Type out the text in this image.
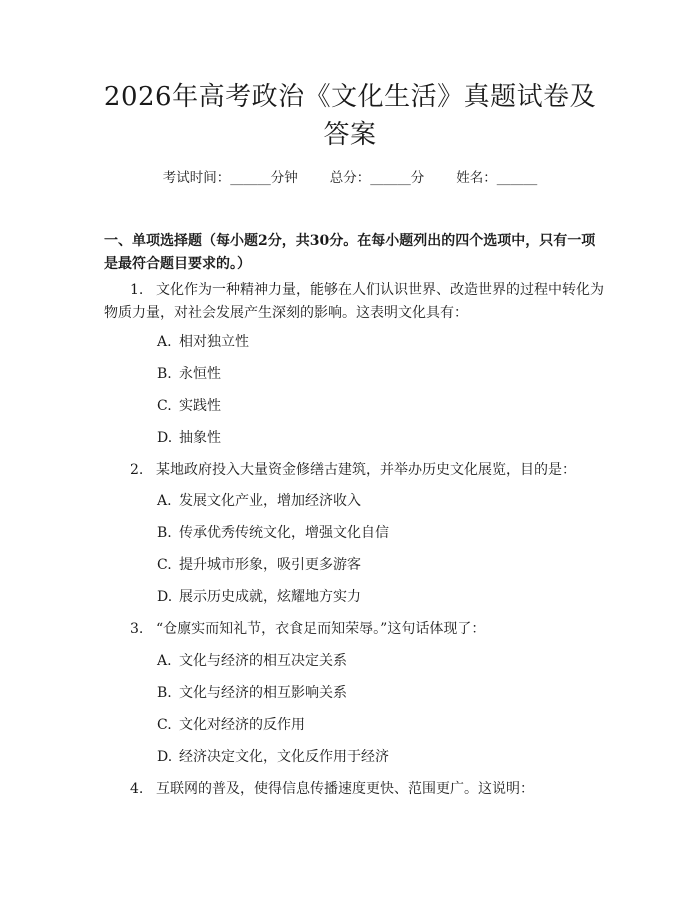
2026年高考政治《文化生活》真题试卷及答案
考试时间：______分钟 总分：______分 姓名：______

一、单项选择题（每小题2分，共30分。在每小题列出的四个选项中，只有一项是最符合题目要求的。）

1. 文化作为一种精神力量，能够在人们认识世界、改造世界的过程中转化为物质力量，对社会发展产生深刻的影响。这表明文化具有：

A. 相对独立性
B. 永恒性
C. 实践性
D. 抽象性

2. 某地政府投入大量资金修缮古建筑，并举办历史文化展览，目的是：

A. 发展文化产业，增加经济收入
B. 传承优秀传统文化，增强文化自信
C. 提升城市形象，吸引更多游客
D. 展示历史成就，炫耀地方实力

3. “仓廪实而知礼节，衣食足而知荣辱。”这句话体现了：

A. 文化与经济的相互决定关系
B. 文化与经济的相互影响关系
C. 文化对经济的反作用
D. 经济决定文化，文化反作用于经济

4. 互联网的普及，使得信息传播速度更快、范围更广。这说明：
